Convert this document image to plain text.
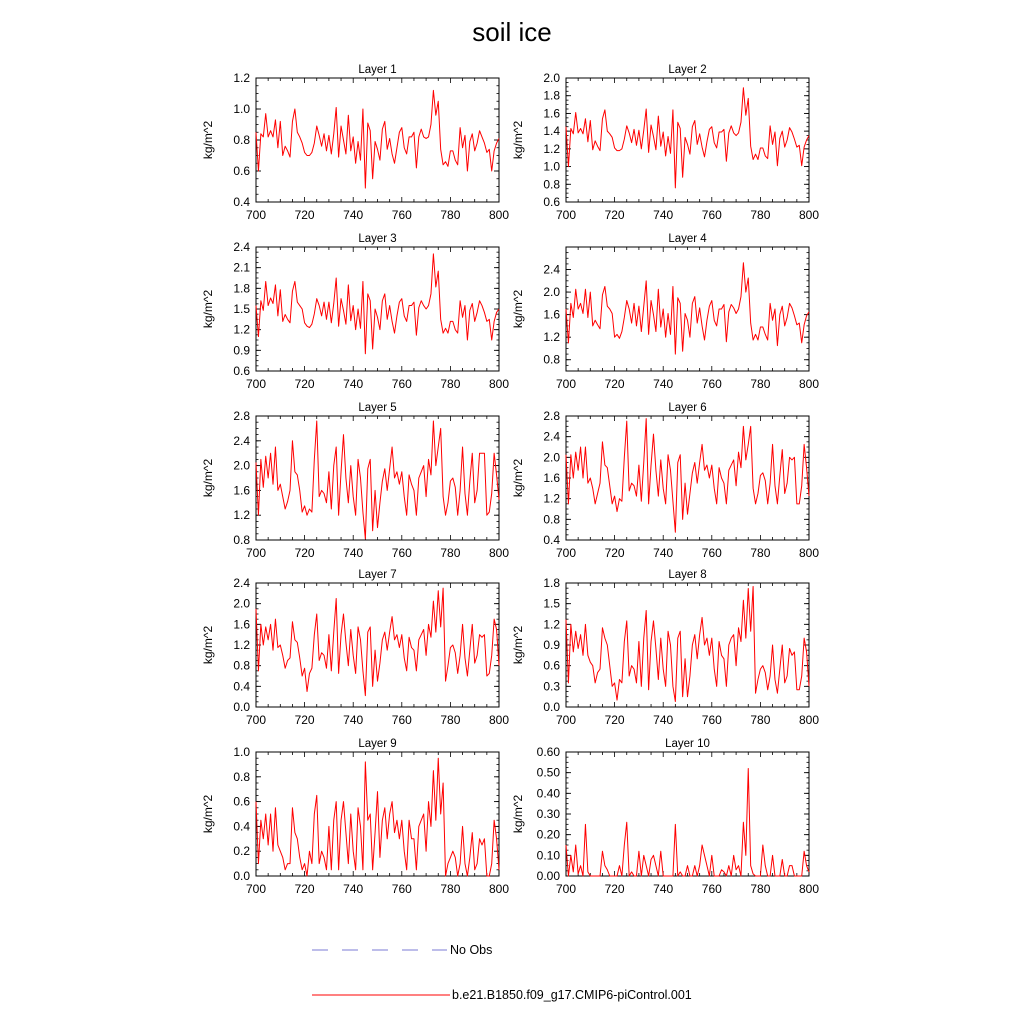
soil ice
Layer 1
700 720 740 760 780 800
0.4
0.6
0.8
1.0
1.2
kg/m^2
Layer 2
700 720 740 760 780 800
0.6
0.8
1.0
1.2
1.4
1.6
1.8
2.0
kg/m^2
Layer 3
700 720 740 760 780 800
0.6
0.9
1.2
1.5
1.8
2.1
2.4
kg/m^2
Layer 4
700 720 740 760 780 800
0.8
1.2
1.6
2.0
2.4
kg/m^2
Layer 5
700 720 740 760 780 800
0.8
1.2
1.6
2.0
2.4
2.8
kg/m^2
Layer 6
700 720 740 760 780 800
0.4
0.8
1.2
1.6
2.0
2.4
2.8
kg/m^2
Layer 7
700 720 740 760 780 800
0.0
0.4
0.8
1.2
1.6
2.0
2.4
kg/m^2
Layer 8
700 720 740 760 780 800
0.0
0.3
0.6
0.9
1.2
1.5
1.8
kg/m^2
Layer 9
700 720 740 760 780 800
0.0
0.2
0.4
0.6
0.8
1.0
kg/m^2
Layer 10
700 720 740 760 780 800
0.00
0.10
0.20
0.30
0.40
0.50
0.60
kg/m^2
No Obs
b.e21.B1850.f09_g17.CMIP6-piControl.001
